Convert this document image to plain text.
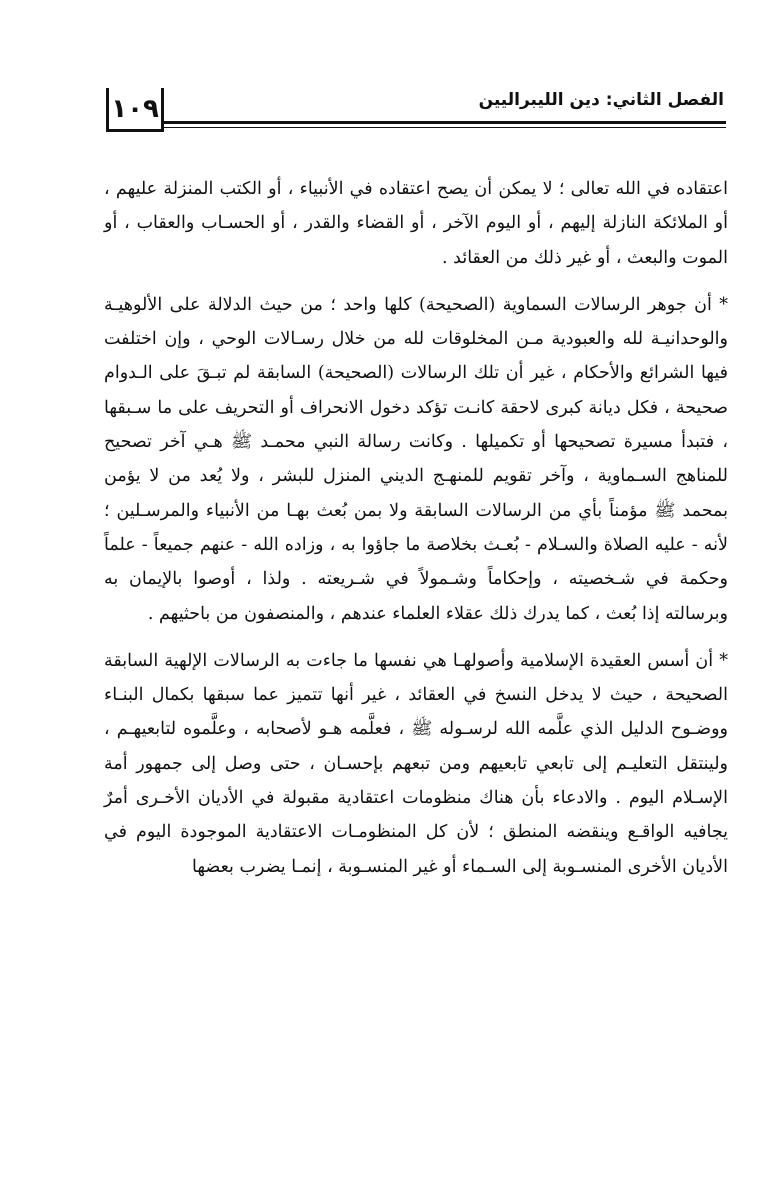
١٠٩	الفصل الثاني: دين الليبراليين

اعتقاده في الله تعالى ؛ لا يمكن أن يصح اعتقاده في الأنبياء ، أو الكتب المنزلة عليهم ، أو الملائكة النازلة إليهم ، أو اليوم الآخر ، أو القضاء والقدر ، أو الحسـاب والعقاب ، أو الموت والبعث ، أو غير ذلك من العقائد .

* أن جوهر الرسالات السماوية (الصحيحة) كلها واحد ؛ من حيث الدلالة على الألوهيـة والوحدانيـة لله والعبودية مـن المخلوقات لله من خلال رسـالات الوحي ، وإن اختلفت فيها الشرائع والأحكام ، غير أن تلك الرسالات (الصحيحة) السابقة لم تبـقَ على الـدوام صحيحة ، فكل ديانة كبرى لاحقة كانـت تؤكد دخول الانحراف أو التحريف على ما سـبقها ، فتبدأ مسيرة تصحيحها أو تكميلها . وكانت رسالة النبي محمـد ﷺ هـي آخر تصحيح للمناهج السـماوية ، وآخر تقويم للمنهـج الديني المنزل للبشر ، ولا يُعد من لا يؤمن بمحمد ﷺ مؤمناً بأي من الرسالات السابقة ولا بمن بُعث بهـا من الأنبياء والمرسـلين ؛ لأنه - عليه الصلاة والسـلام - بُعـث بخلاصة ما جاؤوا به ، وزاده الله - عنهم جميعاً - علماً وحكمة في شـخصيته ، وإحكاماً وشـمولاً في شـريعته . ولذا ، أوصوا بالإيمان به وبرسالته إذا بُعث ، كما يدرك ذلك عقلاء العلماء عندهم ، والمنصفون من باحثيهم .

* أن أسس العقيدة الإسلامية وأصولهـا هي نفسها ما جاءت به الرسالات الإلهية السابقة الصحيحة ، حيث لا يدخل النسخ في العقائد ، غير أنها تتميز عما سبقها بكمال البنـاء ووضـوح الدليل الذي علَّمه الله لرسـوله ﷺ ، فعلَّمه هـو لأصحابه ، وعلَّموه لتابعيهـم ، ولينتقل التعليـم إلى تابعي تابعيهم ومن تبعهم بإحسـان ، حتى وصل إلى جمهور أمة الإسـلام اليوم . والادعاء بأن هناك منظومات اعتقادية مقبولة في الأديان الأخـرى أمرٌ يجافيه الواقـع وينقضه المنطق ؛ لأن كل المنظومـات الاعتقادية الموجودة اليوم في الأديان الأخرى المنسـوبة إلى السـماء أو غير المنسـوبة ، إنمـا يضرب بعضها
